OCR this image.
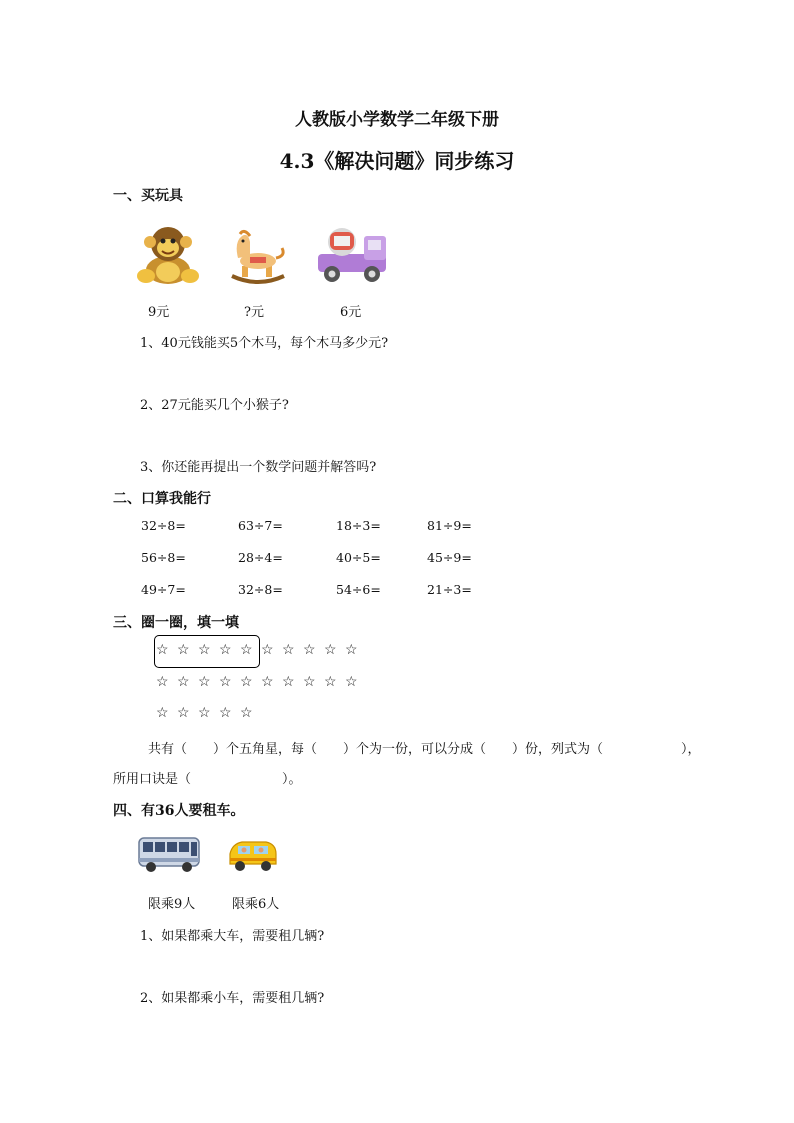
人教版小学数学二年级下册
4.3《解决问题》同步练习
一、买玩具
9元	?元	6元
1、40元钱能买5个木马，每个木马多少元?
2、27元能买几个小猴子?
3、你还能再提出一个数学问题并解答吗?
二、口算我能行
32÷8=	63÷7=	18÷3=	81÷9=
56÷8=	28÷4=	40÷5=	45÷9=
49÷7=	32÷8=	54÷6=	21÷3=
三、圈一圈，填一填
☆ ☆ ☆ ☆ ☆ ☆ ☆ ☆ ☆ ☆
☆ ☆ ☆ ☆ ☆ ☆ ☆ ☆ ☆ ☆
☆ ☆ ☆ ☆ ☆
共有（　　）个五角星，每（　　）个为一份，可以分成（　　）份，列式为（　　　　　　），
所用口诀是（　　　　　　　）。
四、有36人要租车。
限乘9人	限乘6人
1、如果都乘大车，需要租几辆?
2、如果都乘小车，需要租几辆?
